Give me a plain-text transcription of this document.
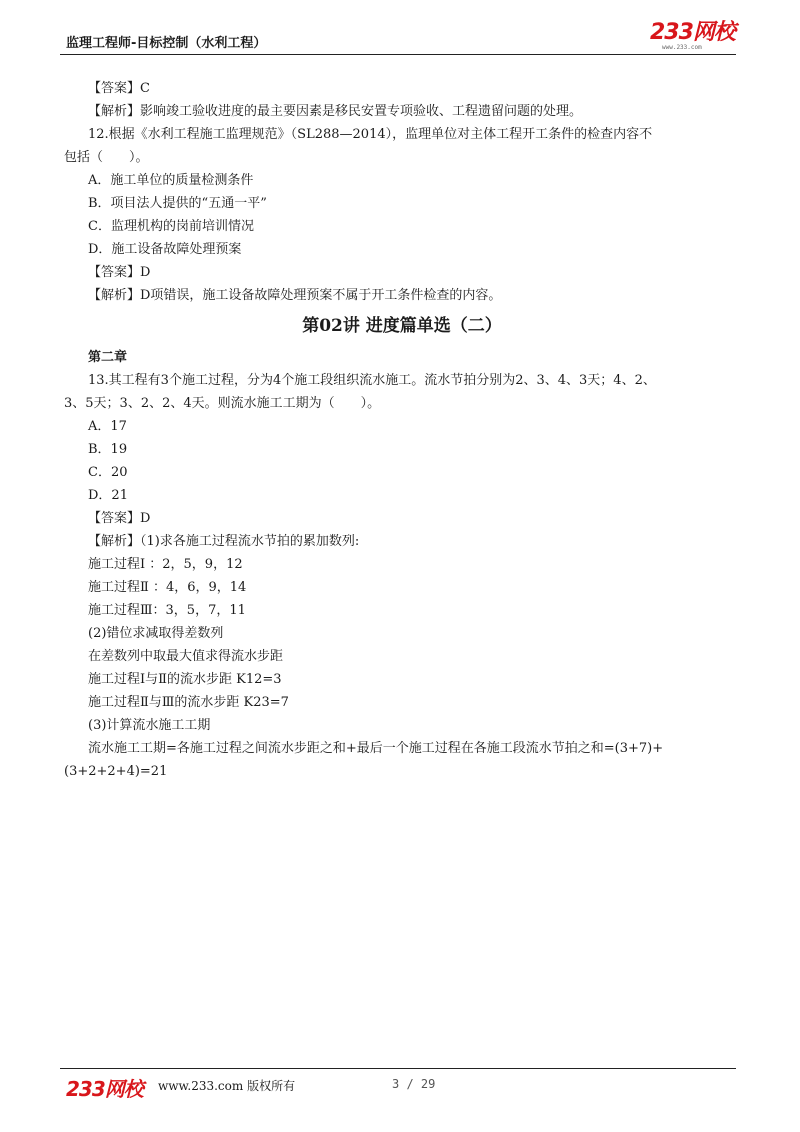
监理工程师-目标控制（水利工程）	233网校
www.233.com
【答案】C
【解析】影响竣工验收进度的最主要因素是移民安置专项验收、工程遗留问题的处理。
12.根据《水利工程施工监理规范》（SL288—2014），监理单位对主体工程开工条件的检查内容不
包括（　　）。
A．施工单位的质量检测条件
B．项目法人提供的“五通一平”
C．监理机构的岗前培训情况
D．施工设备故障处理预案
【答案】D
【解析】D项错误，施工设备故障处理预案不属于开工条件检查的内容。
第02讲 进度篇单选（二）
第二章
13.其工程有3个施工过程，分为4个施工段组织流水施工。流水节拍分别为2、3、4、3天；4、2、
3、5天；3、2、2、4天。则流水施工工期为（　　）。
A．17
B．19
C．20
D．21
【答案】D
【解析】（1)求各施工过程流水节拍的累加数列:
施工过程Ⅰ ：2，5，9，12
施工过程Ⅱ ：4，6，9，14
施工过程Ⅲ：3，5，7，11
(2)错位求减取得差数列
在差数列中取最大值求得流水步距
施工过程Ⅰ与Ⅱ的流水步距 K12=3
施工过程Ⅱ与Ⅲ的流水步距 K23=7
(3)计算流水施工工期
流水施工工期=各施工过程之间流水步距之和+最后一个施工过程在各施工段流水节拍之和=(3+7)+
(3+2+2+4)=21
233网校 www.233.com 版权所有	3 / 29
